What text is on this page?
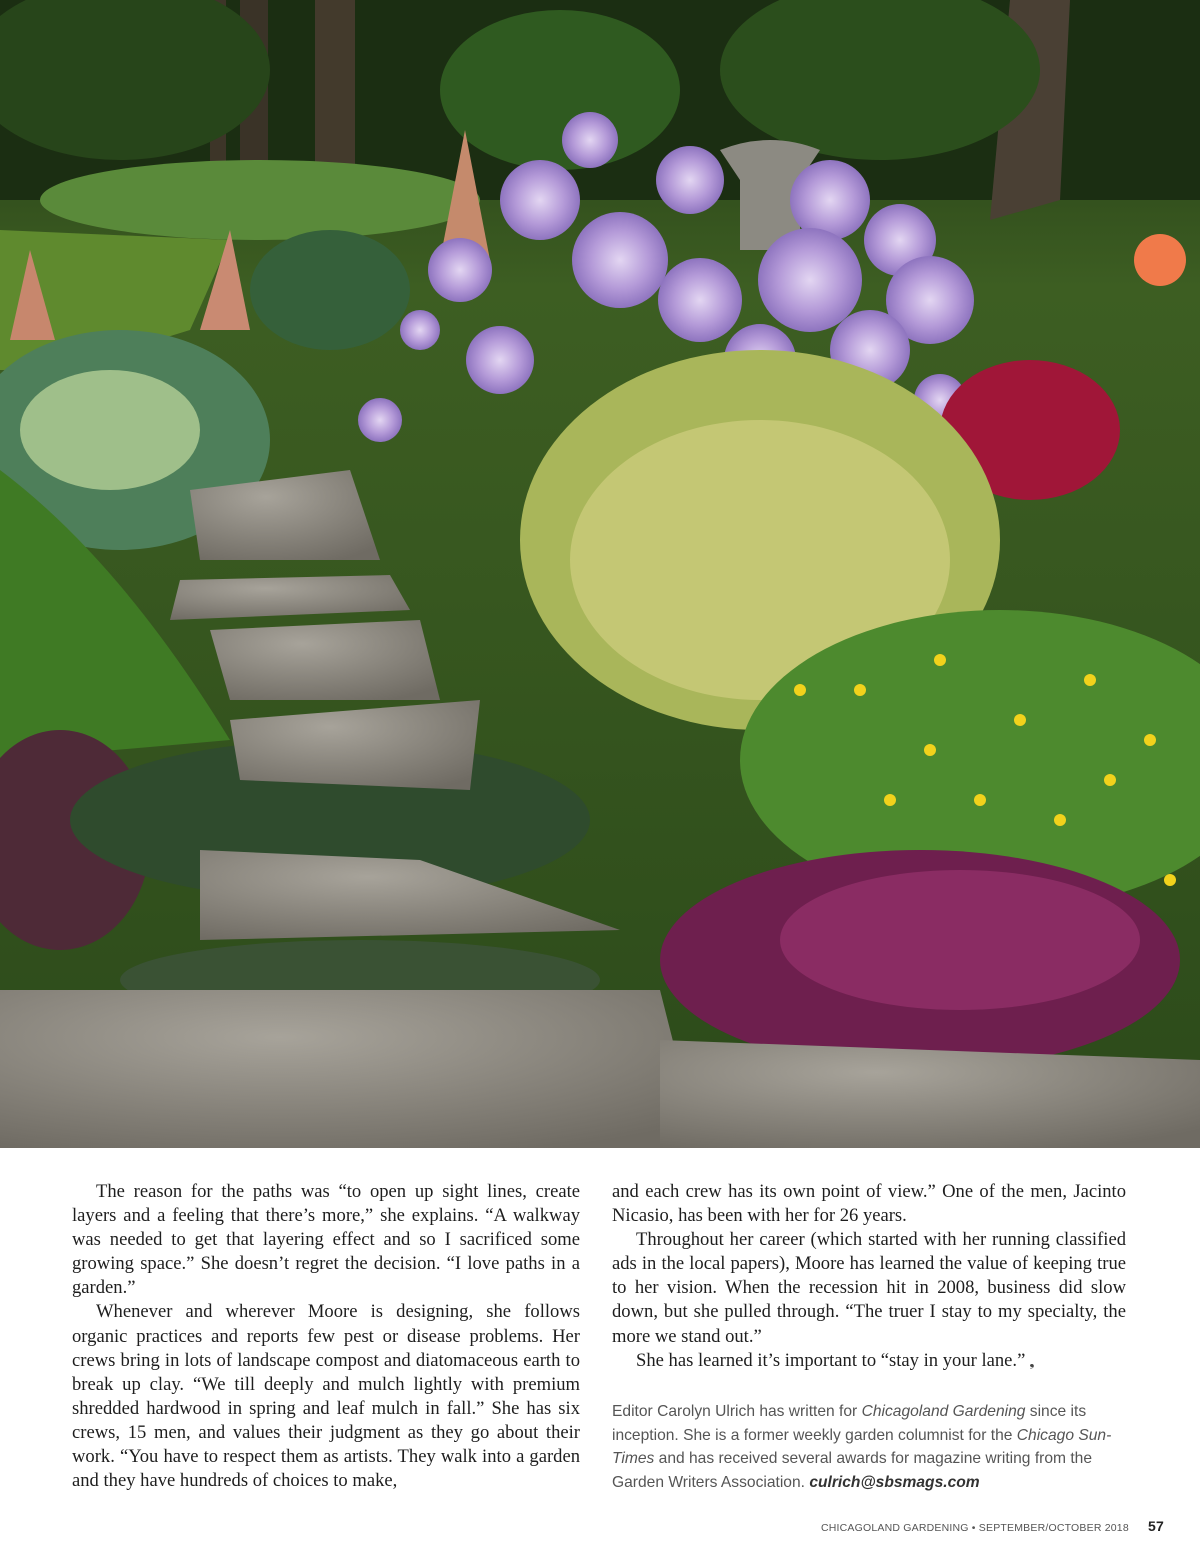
The reason for the paths was “to open up sight lines, create layers and a feeling that there’s more,” she explains. “A walkway was needed to get that layering effect and so I sacrificed some growing space.” She doesn’t regret the decision. “I love paths in a garden.”

Whenever and wherever Moore is designing, she follows organic practices and reports few pest or disease problems. Her crews bring in lots of landscape compost and diatomaceous earth to break up clay. “We till deeply and mulch lightly with premium shredded hardwood in spring and leaf mulch in fall.” She has six crews, 15 men, and values their judgment as they go about their work. “You have to respect them as artists. They walk into a garden and they have hundreds of choices to make,

and each crew has its own point of view.” One of the men, Jacinto Nicasio, has been with her for 26 years.

Throughout her career (which started with her running classified ads in the local papers), Moore has learned the value of keeping true to her vision. When the recession hit in 2008, business did slow down, but she pulled through. “The truer I stay to my specialty, the more we stand out.”

She has learned it’s important to “stay in your lane.” ❟

Editor Carolyn Ulrich has written for Chicagoland Gardening since its inception. She is a former weekly garden columnist for the Chicago Sun-Times and has received several awards for magazine writing from the Garden Writers Association. culrich@sbsmags.com

CHICAGOLAND GARDENING • SEPTEMBER/OCTOBER 2018 57
